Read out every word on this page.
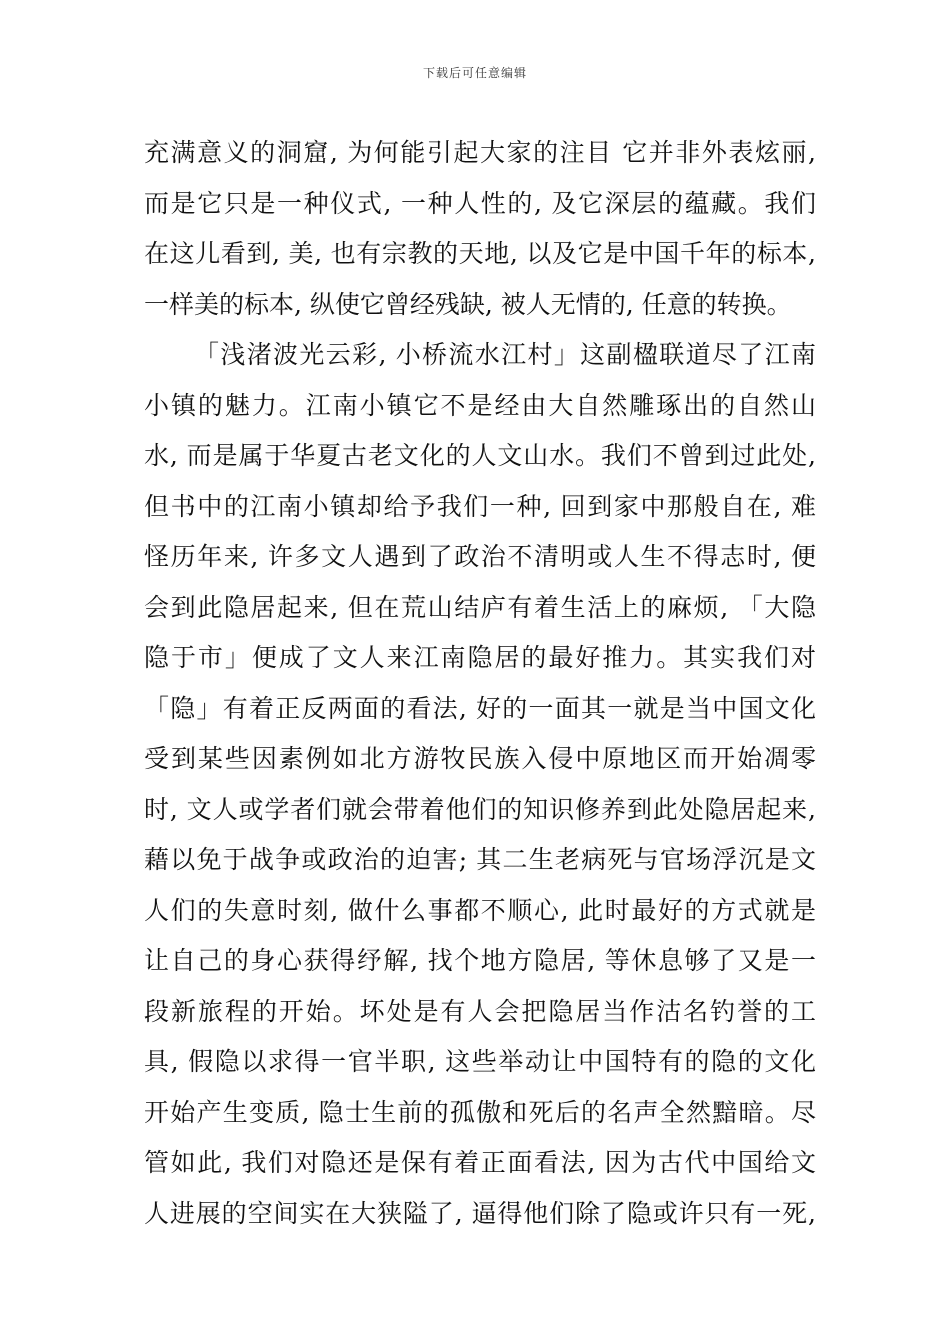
下载后可任意编辑
充满意义的洞窟, 为何能引起大家的注目 它并非外表炫丽,
而是它只是一种仪式, 一种人性的, 及它深层的蕴藏。我们
在这儿看到, 美, 也有宗教的天地, 以及它是中国千年的标本,
一样美的标本, 纵使它曾经残缺, 被人无情的, 任意的转换。
「浅渚波光云彩, 小桥流水江村」这副楹联道尽了江南
小镇的魅力。江南小镇它不是经由大自然雕琢出的自然山
水, 而是属于华夏古老文化的人文山水。我们不曾到过此处,
但书中的江南小镇却给予我们一种, 回到家中那般自在, 难
怪历年来, 许多文人遇到了政治不清明或人生不得志时, 便
会到此隐居起来, 但在荒山结庐有着生活上的麻烦, 「大隐
隐于市」便成了文人来江南隐居的最好推力。其实我们对
「隐」有着正反两面的看法, 好的一面其一就是当中国文化
受到某些因素例如北方游牧民族入侵中原地区而开始凋零
时, 文人或学者们就会带着他们的知识修养到此处隐居起来,
藉以免于战争或政治的迫害; 其二生老病死与官场浮沉是文
人们的失意时刻, 做什么事都不顺心, 此时最好的方式就是
让自己的身心获得纾解, 找个地方隐居, 等休息够了又是一
段新旅程的开始。坏处是有人会把隐居当作沽名钓誉的工
具, 假隐以求得一官半职, 这些举动让中国特有的隐的文化
开始产生变质, 隐士生前的孤傲和死后的名声全然黯暗。尽
管如此, 我们对隐还是保有着正面看法, 因为古代中国给文
人进展的空间实在大狭隘了, 逼得他们除了隐或许只有一死,
